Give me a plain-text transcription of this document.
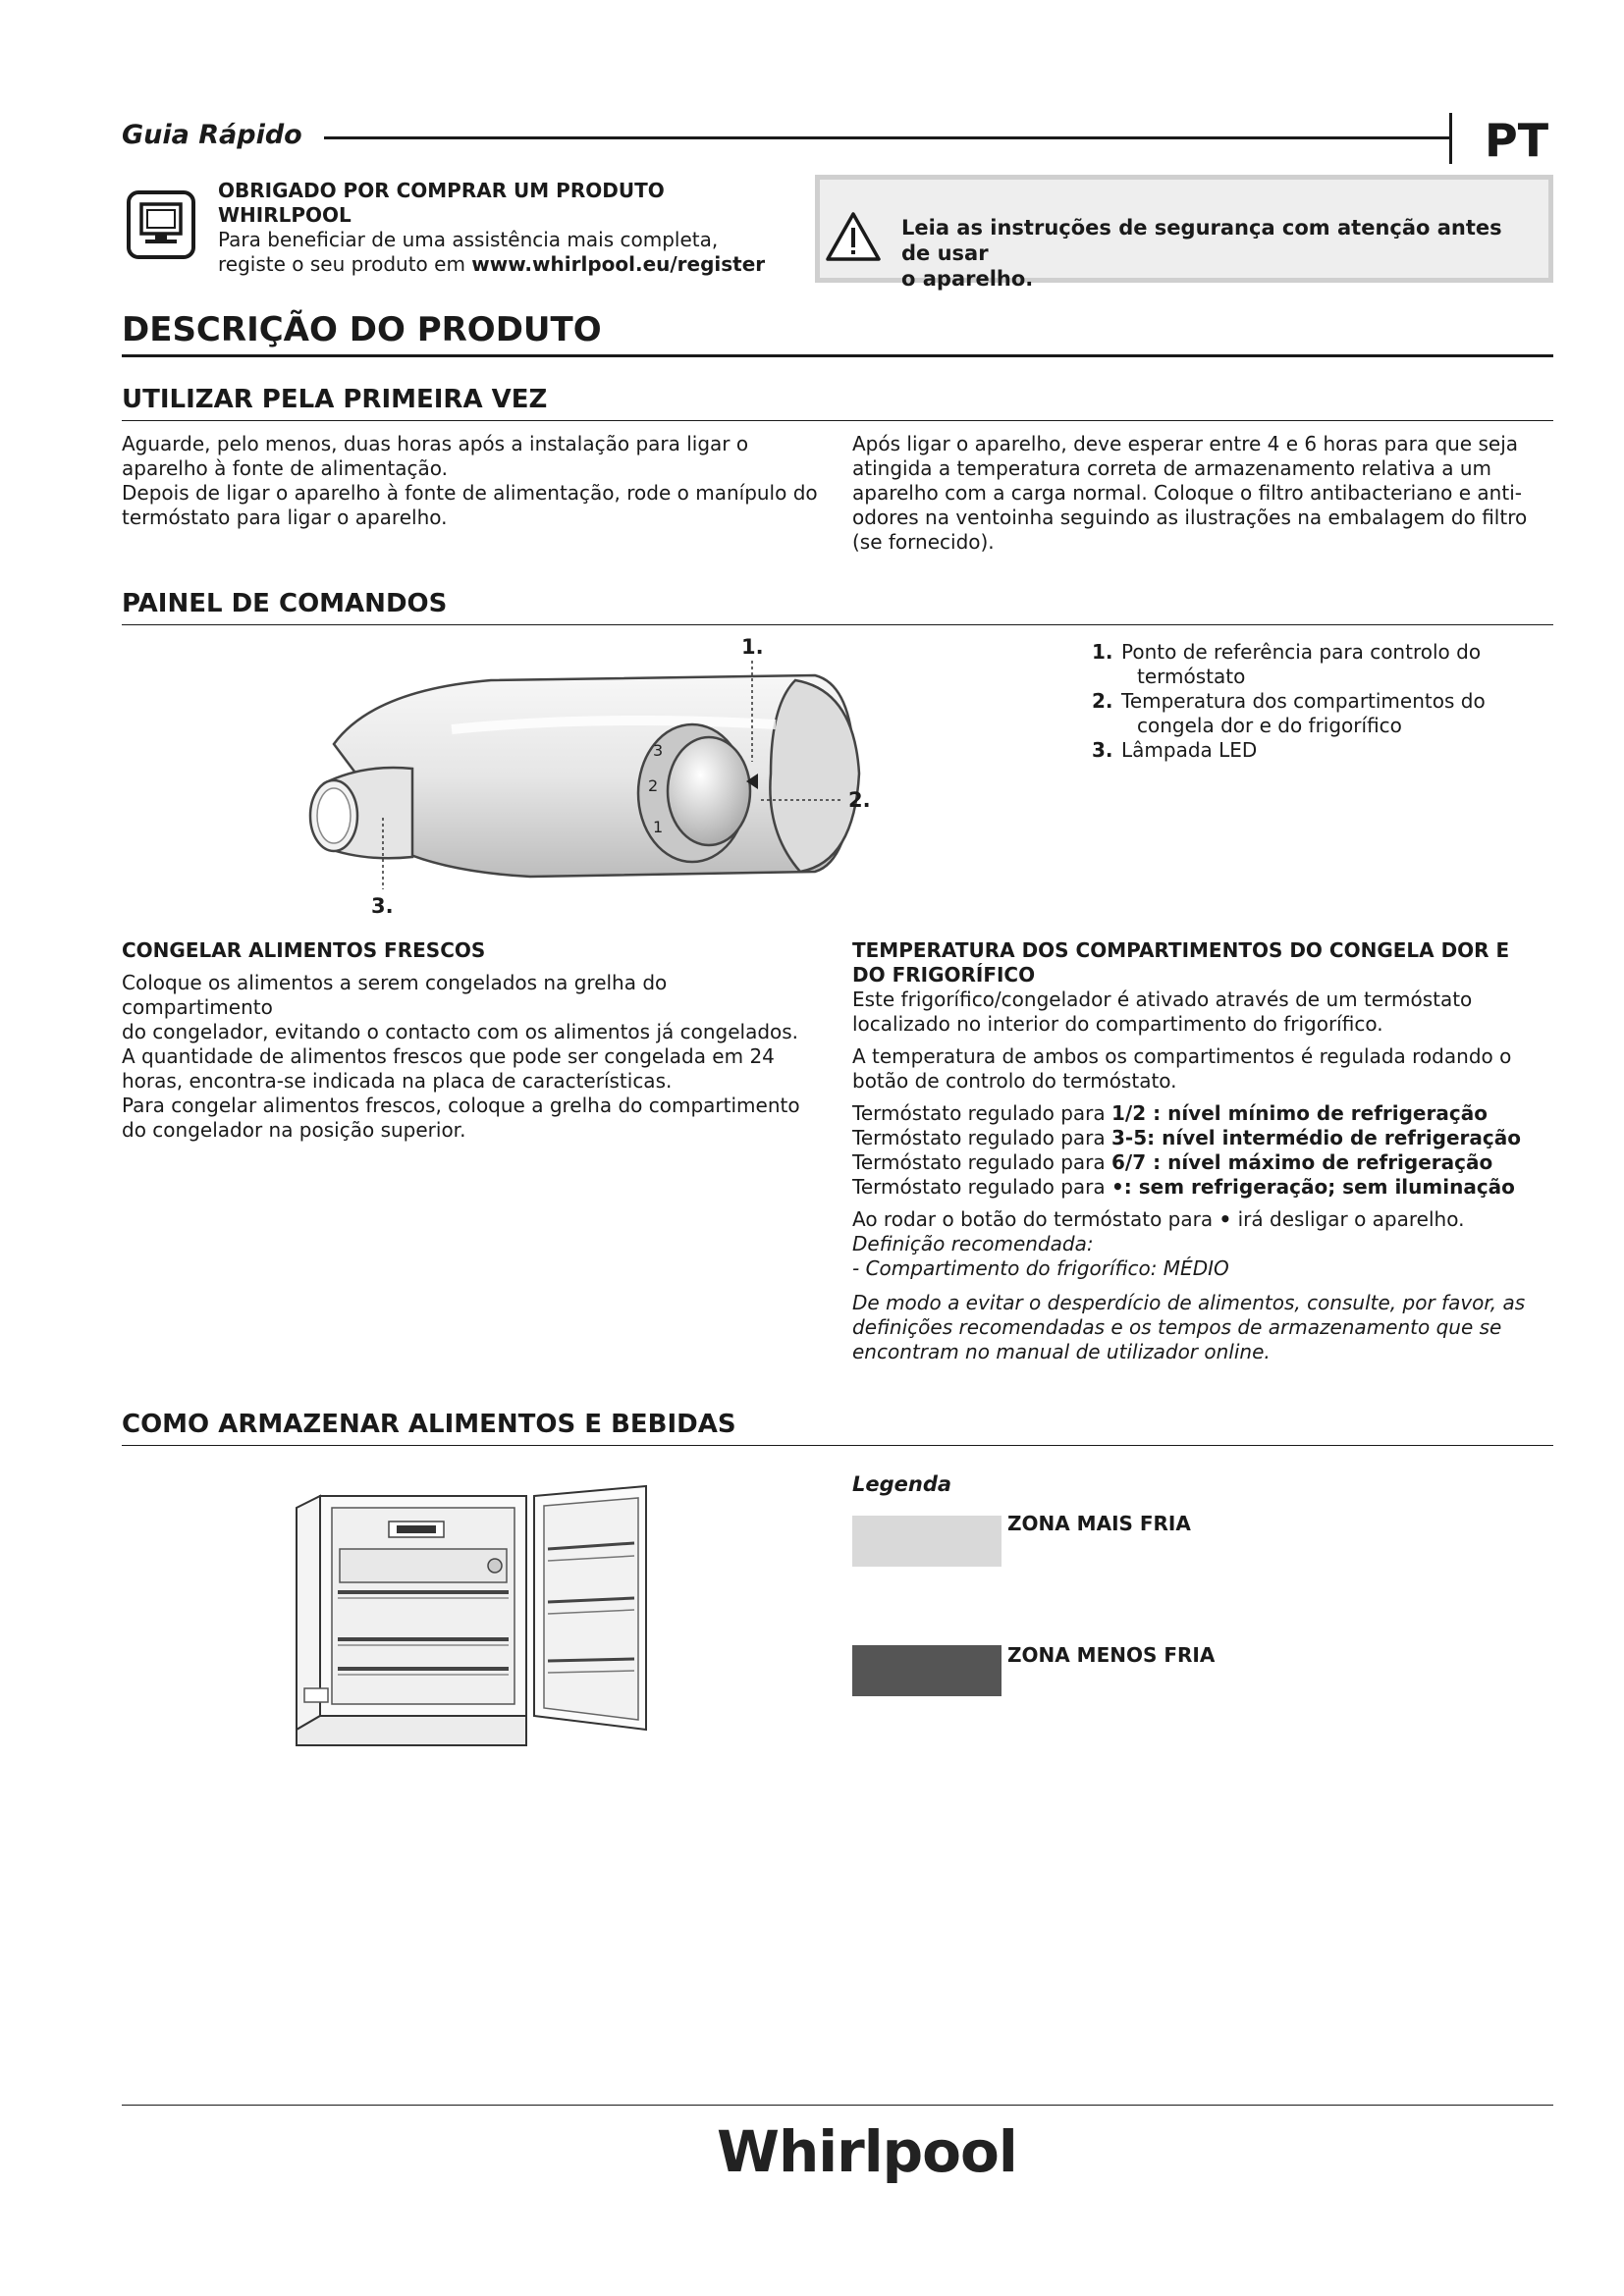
Guia Rápido	PT
OBRIGADO POR COMPRAR UM PRODUTO
WHIRLPOOL
Para beneficiar de uma assistência mais completa,
registe o seu produto em www.whirlpool.eu/register
Leia as instruções de segurança com atenção antes de usar
o aparelho.
DESCRIÇÃO DO PRODUTO
UTILIZAR PELA PRIMEIRA VEZ
Aguarde, pelo menos, duas horas após a instalação para ligar o
aparelho à fonte de alimentação.
Depois de ligar o aparelho à fonte de alimentação, rode o manípulo do
termóstato para ligar o aparelho.
Após ligar o aparelho, deve esperar entre 4 e 6 horas para que seja
atingida a temperatura correta de armazenamento relativa a um
aparelho com a carga normal. Coloque o filtro antibacteriano e anti-
odores na ventoinha seguindo as ilustrações na embalagem do filtro
(se fornecido).
PAINEL DE COMANDOS
3
2
1
1.
2.
3.
1. Ponto de referência para controlo do
termóstato
2. Temperatura dos compartimentos do
congela dor e do frigorífico
3. Lâmpada LED
CONGELAR ALIMENTOS FRESCOS
Coloque os alimentos a serem congelados na grelha do compartimento
do congelador, evitando o contacto com os alimentos já congelados.
A quantidade de alimentos frescos que pode ser congelada em 24
horas, encontra-se indicada na placa de características.
Para congelar alimentos frescos, coloque a grelha do compartimento
do congelador na posição superior.
TEMPERATURA DOS COMPARTIMENTOS DO CONGELA DOR E
DO FRIGORÍFICO
Este frigorífico/congelador é ativado através de um termóstato
localizado no interior do compartimento do frigorífico.
A temperatura de ambos os compartimentos é regulada rodando o
botão de controlo do termóstato.
Termóstato regulado para 1/2 : nível mínimo de refrigeração
Termóstato regulado para 3-5: nível intermédio de refrigeração
Termóstato regulado para 6/7 : nível máximo de refrigeração
Termóstato regulado para •: sem refrigeração; sem iluminação
Ao rodar o botão do termóstato para • irá desligar o aparelho.
Definição recomendada:
- Compartimento do frigorífico: MÉDIO
De modo a evitar o desperdício de alimentos, consulte, por favor, as
definições recomendadas e os tempos de armazenamento que se
encontram no manual de utilizador online.
COMO ARMAZENAR ALIMENTOS E BEBIDAS
Legenda
ZONA MAIS FRIA
ZONA MENOS FRIA
Whirlpool
